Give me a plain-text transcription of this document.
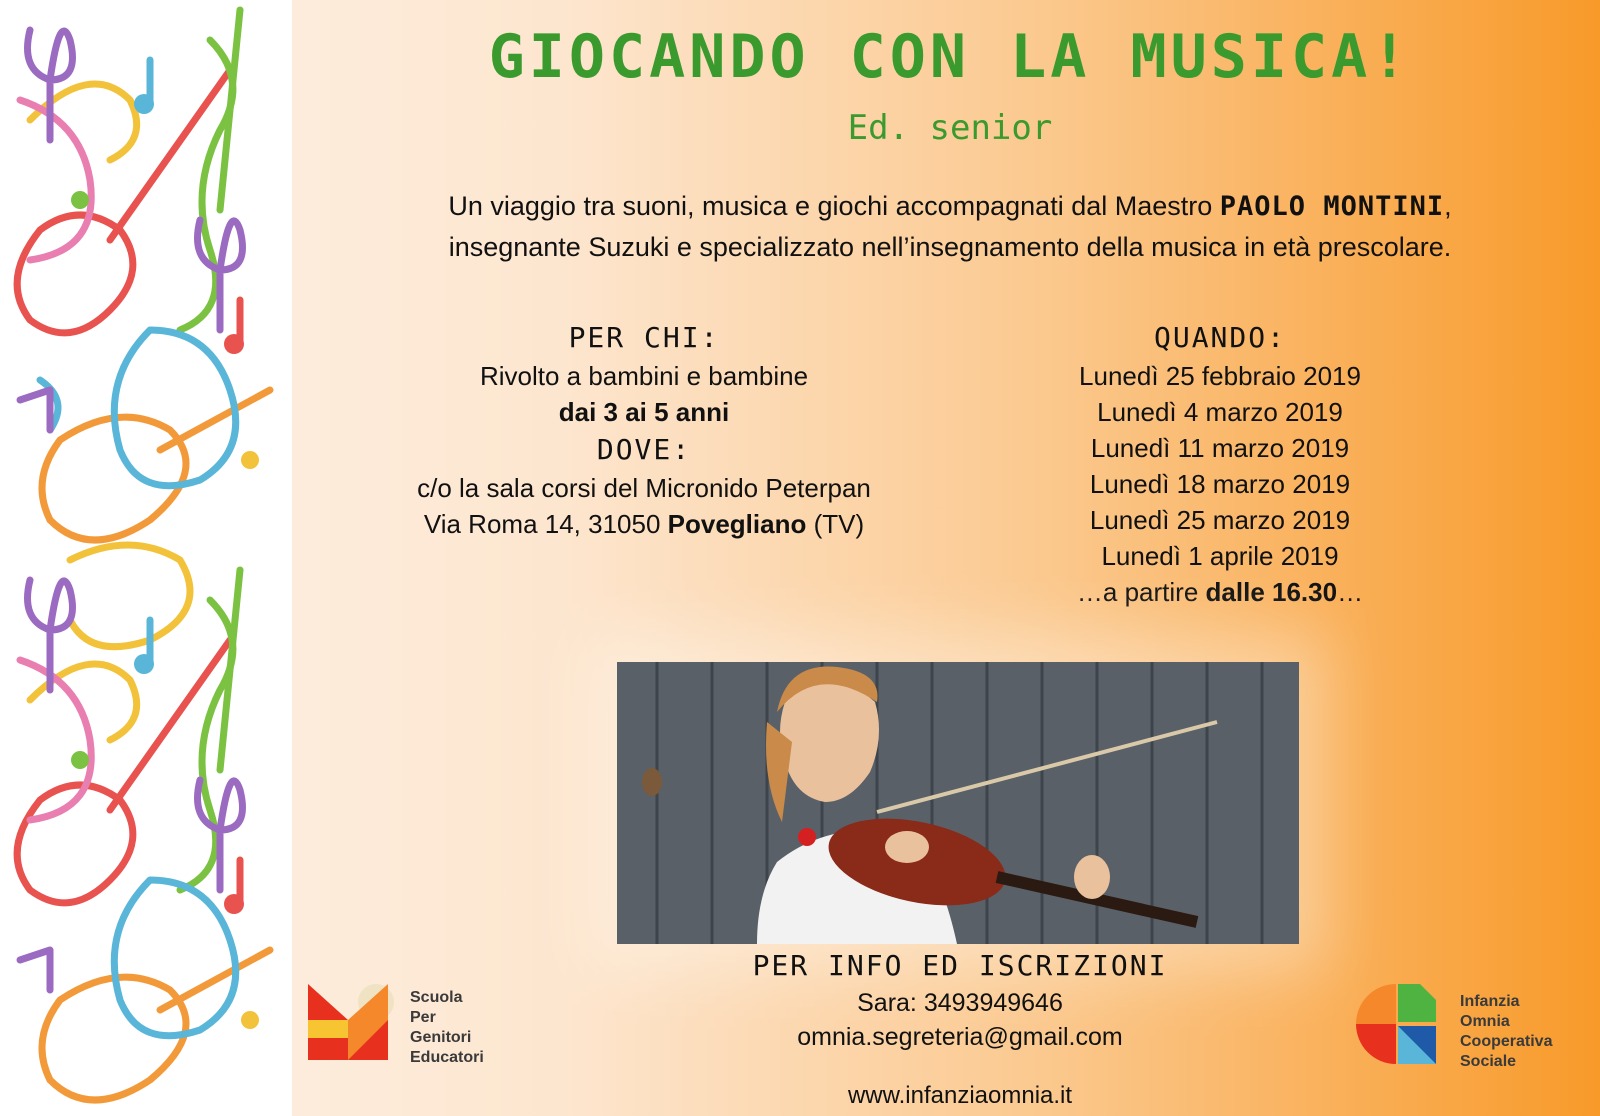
GIOCANDO CON LA MUSICA!
Ed. senior
Un viaggio tra suoni, musica e giochi accompagnati dal Maestro PAOLO MONTINI,
insegnante Suzuki e specializzato nell’insegnamento della musica in età prescolare.
PER CHI:

Rivolto a bambini e bambine

dai 3 ai 5 anni

DOVE:

c/o la sala corsi del Micronido Peterpan

Via Roma 14, 31050 Povegliano (TV)

QUANDO:

Lunedì 25 febbraio 2019

Lunedì 4 marzo 2019

Lunedì 11 marzo 2019

Lunedì 18 marzo 2019

Lunedì 25 marzo 2019

Lunedì 1 aprile 2019

…a partire dalle 16.30…

PER INFO ED ISCRIZIONI

Sara: 3493949646

omnia.segreteria@gmail.com

www.infanziaomnia.it
Scuola
Per
Genitori
Educatori
Infanzia
Omnia
Cooperativa
Sociale
